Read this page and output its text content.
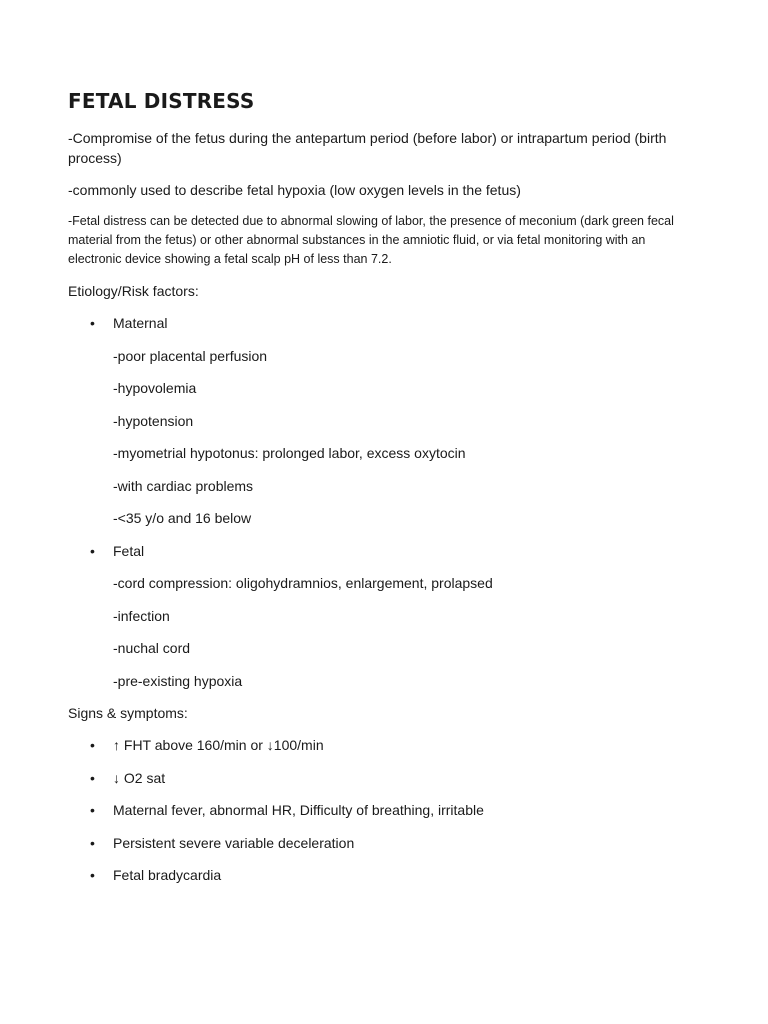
FETAL DISTRESS

-Compromise of the fetus during the antepartum period (before labor) or intrapartum period (birth process)

-commonly used to describe fetal hypoxia (low oxygen levels in the fetus)

-Fetal distress can be detected due to abnormal slowing of labor, the presence of meconium (dark green fecal material from the fetus) or other abnormal substances in the amniotic fluid, or via fetal monitoring with an electronic device showing a fetal scalp pH of less than 7.2.

Etiology/Risk factors:

• Maternal
-poor placental perfusion
-hypovolemia
-hypotension
-myometrial hypotonus: prolonged labor, excess oxytocin
-with cardiac problems
-<35 y/o and 16 below
• Fetal
-cord compression: oligohydramnios, enlargement, prolapsed
-infection
-nuchal cord
-pre-existing hypoxia

Signs & symptoms:

• ↑ FHT above 160/min or ↓100/min
• ↓ O2 sat
• Maternal fever, abnormal HR, Difficulty of breathing, irritable
• Persistent severe variable deceleration
• Fetal bradycardia
